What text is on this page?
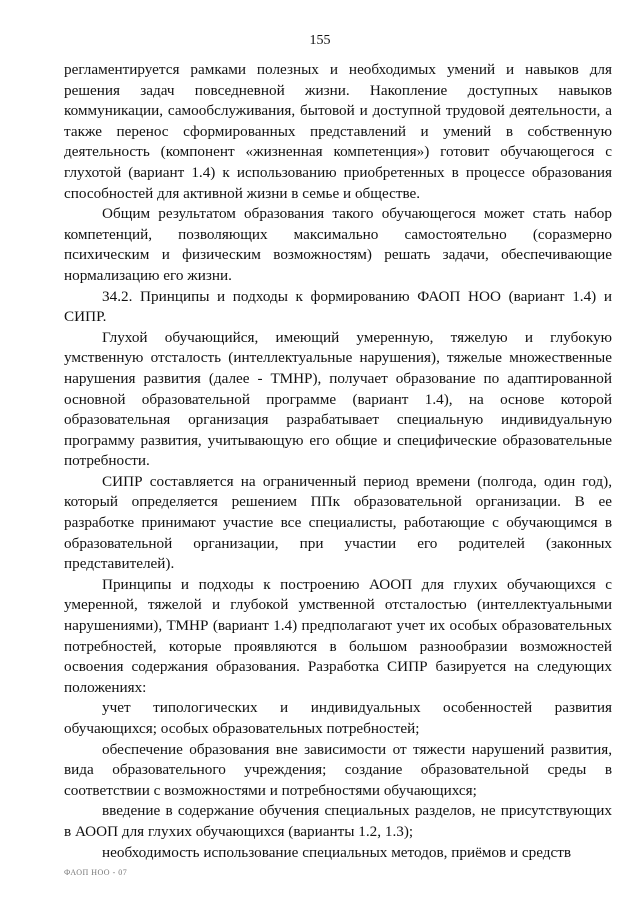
155

регламентируется рамками полезных и необходимых умений и навыков для решения задач повседневной жизни. Накопление доступных навыков коммуникации, самообслуживания, бытовой и доступной трудовой деятельности, а также перенос сформированных представлений и умений в собственную деятельность (компонент «жизненная компетенция») готовит обучающегося с глухотой (вариант 1.4) к использованию приобретенных в процессе образования способностей для активной жизни в семье и обществе.

Общим результатом образования такого обучающегося может стать набор компетенций, позволяющих максимально самостоятельно (соразмерно психическим и физическим возможностям) решать задачи, обеспечивающие нормализацию его жизни.

34.2. Принципы и подходы к формированию ФАОП НОО (вариант 1.4) и СИПР.

Глухой обучающийся, имеющий умеренную, тяжелую и глубокую умственную отсталость (интеллектуальные нарушения), тяжелые множественные нарушения развития (далее - ТМНР), получает образование по адаптированной основной образовательной программе (вариант 1.4), на основе которой образовательная организация разрабатывает специальную индивидуальную программу развития, учитывающую его общие и специфические образовательные потребности.

СИПР составляется на ограниченный период времени (полгода, один год), который определяется решением ППк образовательной организации. В ее разработке принимают участие все специалисты, работающие с обучающимся в образовательной организации, при участии его родителей (законных представителей).

Принципы и подходы к построению АООП для глухих обучающихся с умеренной, тяжелой и глубокой умственной отсталостью (интеллектуальными нарушениями), ТМНР (вариант 1.4) предполагают учет их особых образовательных потребностей, которые проявляются в большом разнообразии возможностей освоения содержания образования. Разработка СИПР базируется на следующих положениях:

учет типологических и индивидуальных особенностей развития обучающихся; особых образовательных потребностей;

обеспечение образования вне зависимости от тяжести нарушений развития, вида образовательного учреждения; создание образовательной среды в соответствии с возможностями и потребностями обучающихся;

введение в содержание обучения специальных разделов, не присутствующих в АООП для глухих обучающихся (варианты 1.2, 1.3);

необходимость использование специальных методов, приёмов и средств

ФАОП НОО - 07
